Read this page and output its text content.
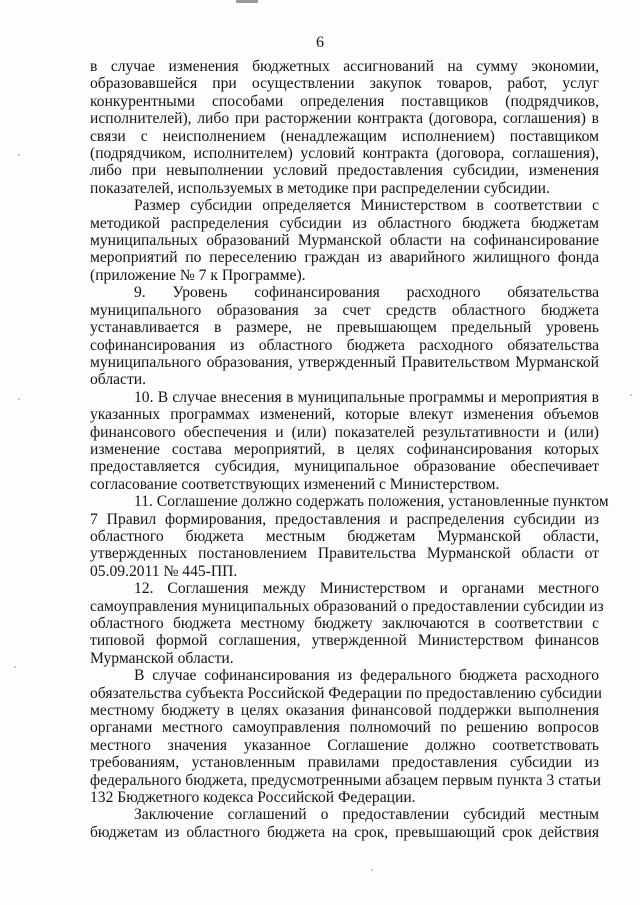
6
в случае изменения бюджетных ассигнований на сумму экономии,
образовавшейся при осуществлении закупок товаров, работ, услуг
конкурентными способами определения поставщиков (подрядчиков,
исполнителей), либо при расторжении контракта (договора, соглашения) в
связи с неисполнением (ненадлежащим исполнением) поставщиком
(подрядчиком, исполнителем) условий контракта (договора, соглашения),
либо при невыполнении условий предоставления субсидии, изменения
показателей, используемых в методике при распределении субсидии.
Размер субсидии определяется Министерством в соответствии с
методикой распределения субсидии из областного бюджета бюджетам
муниципальных образований Мурманской области на софинансирование
мероприятий по переселению граждан из аварийного жилищного фонда
(приложение № 7 к Программе).
9. Уровень софинансирования расходного обязательства
муниципального образования за счет средств областного бюджета
устанавливается в размере, не превышающем предельный уровень
софинансирования из областного бюджета расходного обязательства
муниципального образования, утвержденный Правительством Мурманской
области.
10. В случае внесения в муниципальные программы и мероприятия в
указанных программах изменений, которые влекут изменения объемов
финансового обеспечения и (или) показателей результативности и (или)
изменение состава мероприятий, в целях софинансирования которых
предоставляется субсидия, муниципальное образование обеспечивает
согласование соответствующих изменений с Министерством.
11. Соглашение должно содержать положения, установленные пунктом
7 Правил формирования, предоставления и распределения субсидии из
областного бюджета местным бюджетам Мурманской области,
утвержденных постановлением Правительства Мурманской области от
05.09.2011 № 445-ПП.
12. Соглашения между Министерством и органами местного
самоуправления муниципальных образований о предоставлении субсидии из
областного бюджета местному бюджету заключаются в соответствии с
типовой формой соглашения, утвержденной Министерством финансов
Мурманской области.
В случае софинансирования из федерального бюджета расходного
обязательства субъекта Российской Федерации по предоставлению субсидии
местному бюджету в целях оказания финансовой поддержки выполнения
органами местного самоуправления полномочий по решению вопросов
местного значения указанное Соглашение должно соответствовать
требованиям, установленным правилами предоставления субсидии из
федерального бюджета, предусмотренными абзацем первым пункта 3 статьи
132 Бюджетного кодекса Российской Федерации.
Заключение соглашений о предоставлении субсидий местным
бюджетам из областного бюджета на срок, превышающий срок действия
